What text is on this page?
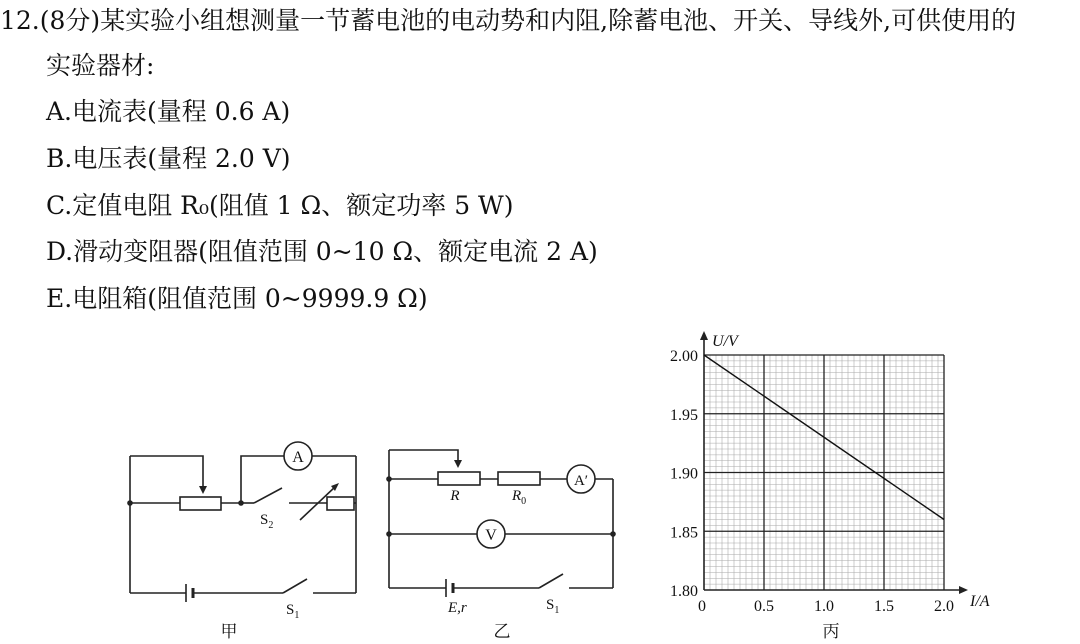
12.(8分)某实验小组想测量一节蓄电池的电动势和内阻,除蓄电池、开关、导线外,可供使用的
实验器材:
A.电流表(量程 0.6 A)
B.电压表(量程 2.0 V)
C.定值电阻 R₀(阻值 1 Ω、额定功率 5 W)
D.滑动变阻器(阻值范围 0~10 Ω、额定电流 2 A)
E.电阻箱(阻值范围 0~9999.9 Ω)
A
$S_2$
$S_1$
甲
R	$R_0$
A′
V
E,r	$S_1$
乙
0	0.5	1.0	1.5	2.0
1.80
1.85
1.90
1.95
2.00
U/V
I/A
丙
